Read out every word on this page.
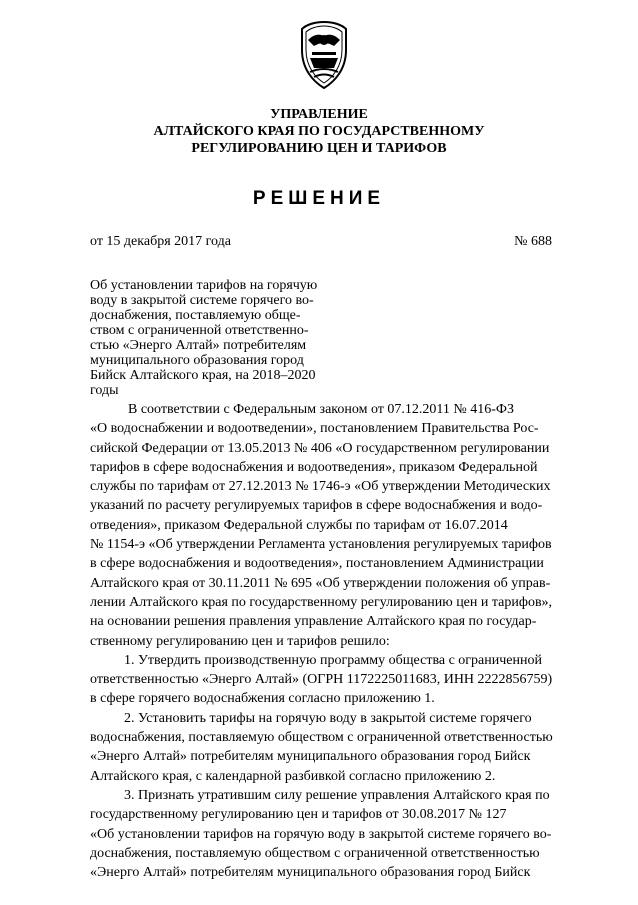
УПРАВЛЕНИЕ
АЛТАЙСКОГО КРАЯ ПО ГОСУДАРСТВЕННОМУ
РЕГУЛИРОВАНИЮ ЦЕН И ТАРИФОВ
РЕШЕНИЕ
от 15 декабря 2017 года	№ 688
Об установлении тарифов на горячую
воду в закрытой системе горячего во-
доснабжения, поставляемую обще-
ством с ограниченной ответственно-
стью «Энерго Алтай» потребителям
муниципального образования город
Бийск Алтайского края, на 2018–2020
годы
В соответствии с Федеральным законом от 07.12.2011 № 416-ФЗ
«О водоснабжении и водоотведении», постановлением Правительства Рос-
сийской Федерации от 13.05.2013 № 406 «О государственном регулировании
тарифов в сфере водоснабжения и водоотведения», приказом Федеральной
службы по тарифам от 27.12.2013 № 1746-э «Об утверждении Методических
указаний по расчету регулируемых тарифов в сфере водоснабжения и водо-
отведения», приказом Федеральной службы по тарифам от 16.07.2014
№ 1154-э «Об утверждении Регламента установления регулируемых тарифов
в сфере водоснабжения и водоотведения», постановлением Администрации
Алтайского края от 30.11.2011 № 695 «Об утверждении положения об управ-
лении Алтайского края по государственному регулированию цен и тарифов»,
на основании решения правления управление Алтайского края по государ-
ственному регулированию цен и тарифов решило:
1. Утвердить производственную программу общества с ограниченной
ответственностью «Энерго Алтай» (ОГРН 1172225011683, ИНН 2222856759)
в сфере горячего водоснабжения согласно приложению 1.
2. Установить тарифы на горячую воду в закрытой системе горячего
водоснабжения, поставляемую обществом с ограниченной ответственностью
«Энерго Алтай» потребителям муниципального образования город Бийск
Алтайского края, с календарной разбивкой согласно приложению 2.
3. Признать утратившим силу решение управления Алтайского края по
государственному регулированию цен и тарифов от 30.08.2017 № 127
«Об установлении тарифов на горячую воду в закрытой системе горячего во-
доснабжения, поставляемую обществом с ограниченной ответственностью
«Энерго Алтай» потребителям муниципального образования город Бийск
